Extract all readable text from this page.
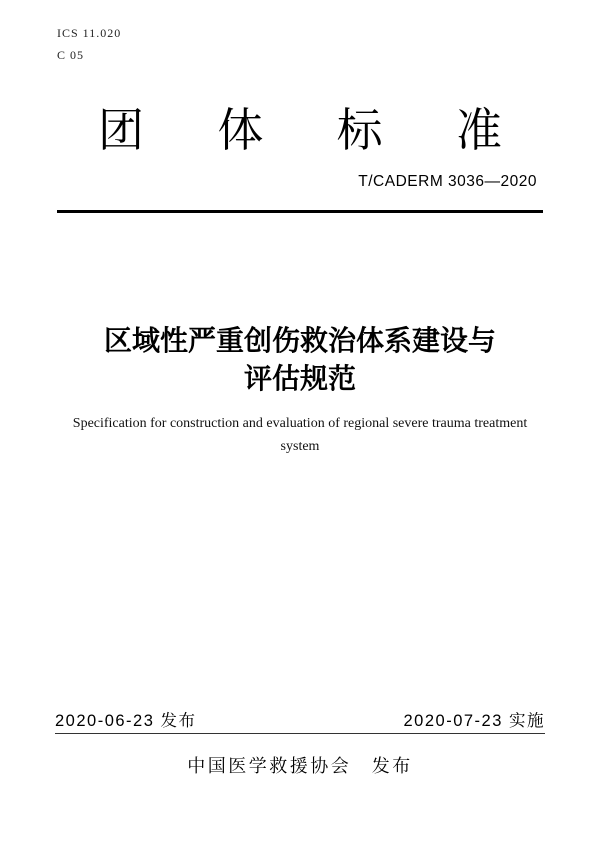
ICS 11.020
C 05
团 体 标 准
T/CADERM 3036—2020
区域性严重创伤救治体系建设与
评估规范
Specification for construction and evaluation of regional severe trauma treatment
system
2020-06-23 发布	2020-07-23 实施
中国医学救援协会　发布
